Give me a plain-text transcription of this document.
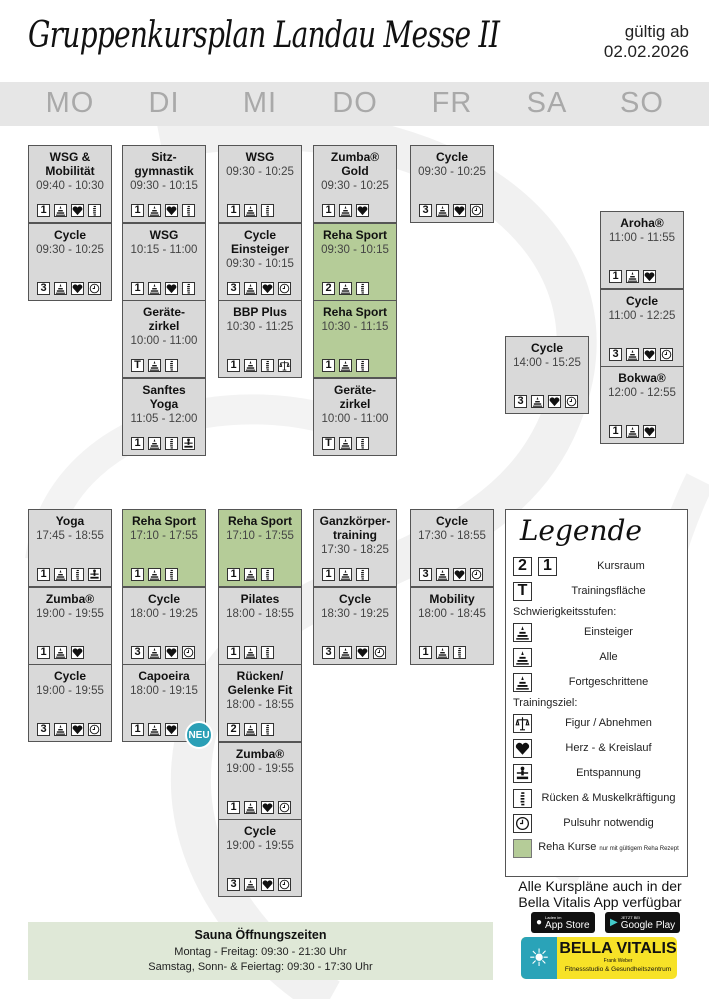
Gruppenkursplan Landau Messe II	gültig ab
02.02.2026
MO	DI	MI	DO	FR	SA	SO
WSG &
Mobilität
09:40 - 10:30
1
Cycle
09:30 - 10:25
3
Yoga
17:45 - 18:55
1
Zumba®
19:00 - 19:55
1
Cycle
19:00 - 19:55
3
Sitz-
gymnastik
09:30 - 10:15
1
WSG
10:15 - 11:00
1
Geräte-
zirkel
10:00 - 11:00
T
Sanftes
Yoga
11:05 - 12:00
1
Reha Sport
17:10 - 17:55
1
Cycle
18:00 - 19:25
3
Capoeira
18:00 - 19:15
1	NEU
WSG
09:30 - 10:25
1
Cycle
Einsteiger
09:30 - 10:15
3
BBP Plus
10:30 - 11:25
1
Reha Sport
17:10 - 17:55
1
Pilates
18:00 - 18:55
1
Rücken/
Gelenke Fit
18:00 - 18:55
2
Zumba®
19:00 - 19:55
1
Cycle
19:00 - 19:55
3
Zumba®
Gold
09:30 - 10:25
1
Reha Sport
09:30 - 10:15
2
Reha Sport
10:30 - 11:15
1
Geräte-
zirkel
10:00 - 11:00
T
Ganzkörper-
training
17:30 - 18:25
1
Cycle
18:30 - 19:25
3
Cycle
09:30 - 10:25
3
Cycle
17:30 - 18:55
3
Mobility
18:00 - 18:45
1
Cycle
14:00 - 15:25
3
Aroha®
11:00 - 11:55
1
Cycle
11:00 - 12:25
3
Bokwa®
12:00 - 12:55
1
Legende
2	1	Kursraum
T	Trainingsfläche
Schwierigkeitsstufen:
Einsteiger
Alle
Fortgeschrittene
Trainingsziel:
Figur / Abnehmen
Herz - & Kreislauf
Entspannung
Rücken & Muskelkräftigung
Pulsuhr notwendig
Reha Kurse nur mit gültigem Reha Rezept
Alle Kurspläne auch in der
Bella Vitalis App verfügbar
● Laden im
App Store ▶ JETZT BEI
Google Play
☀ BELLA VITALIS
Frank Weber
Fitnessstudio & Gesundheitszentrum
Sauna Öffnungszeiten
Montag - Freitag: 09:30 - 21:30 Uhr
Samstag, Sonn- & Feiertag: 09:30 - 17:30 Uhr
